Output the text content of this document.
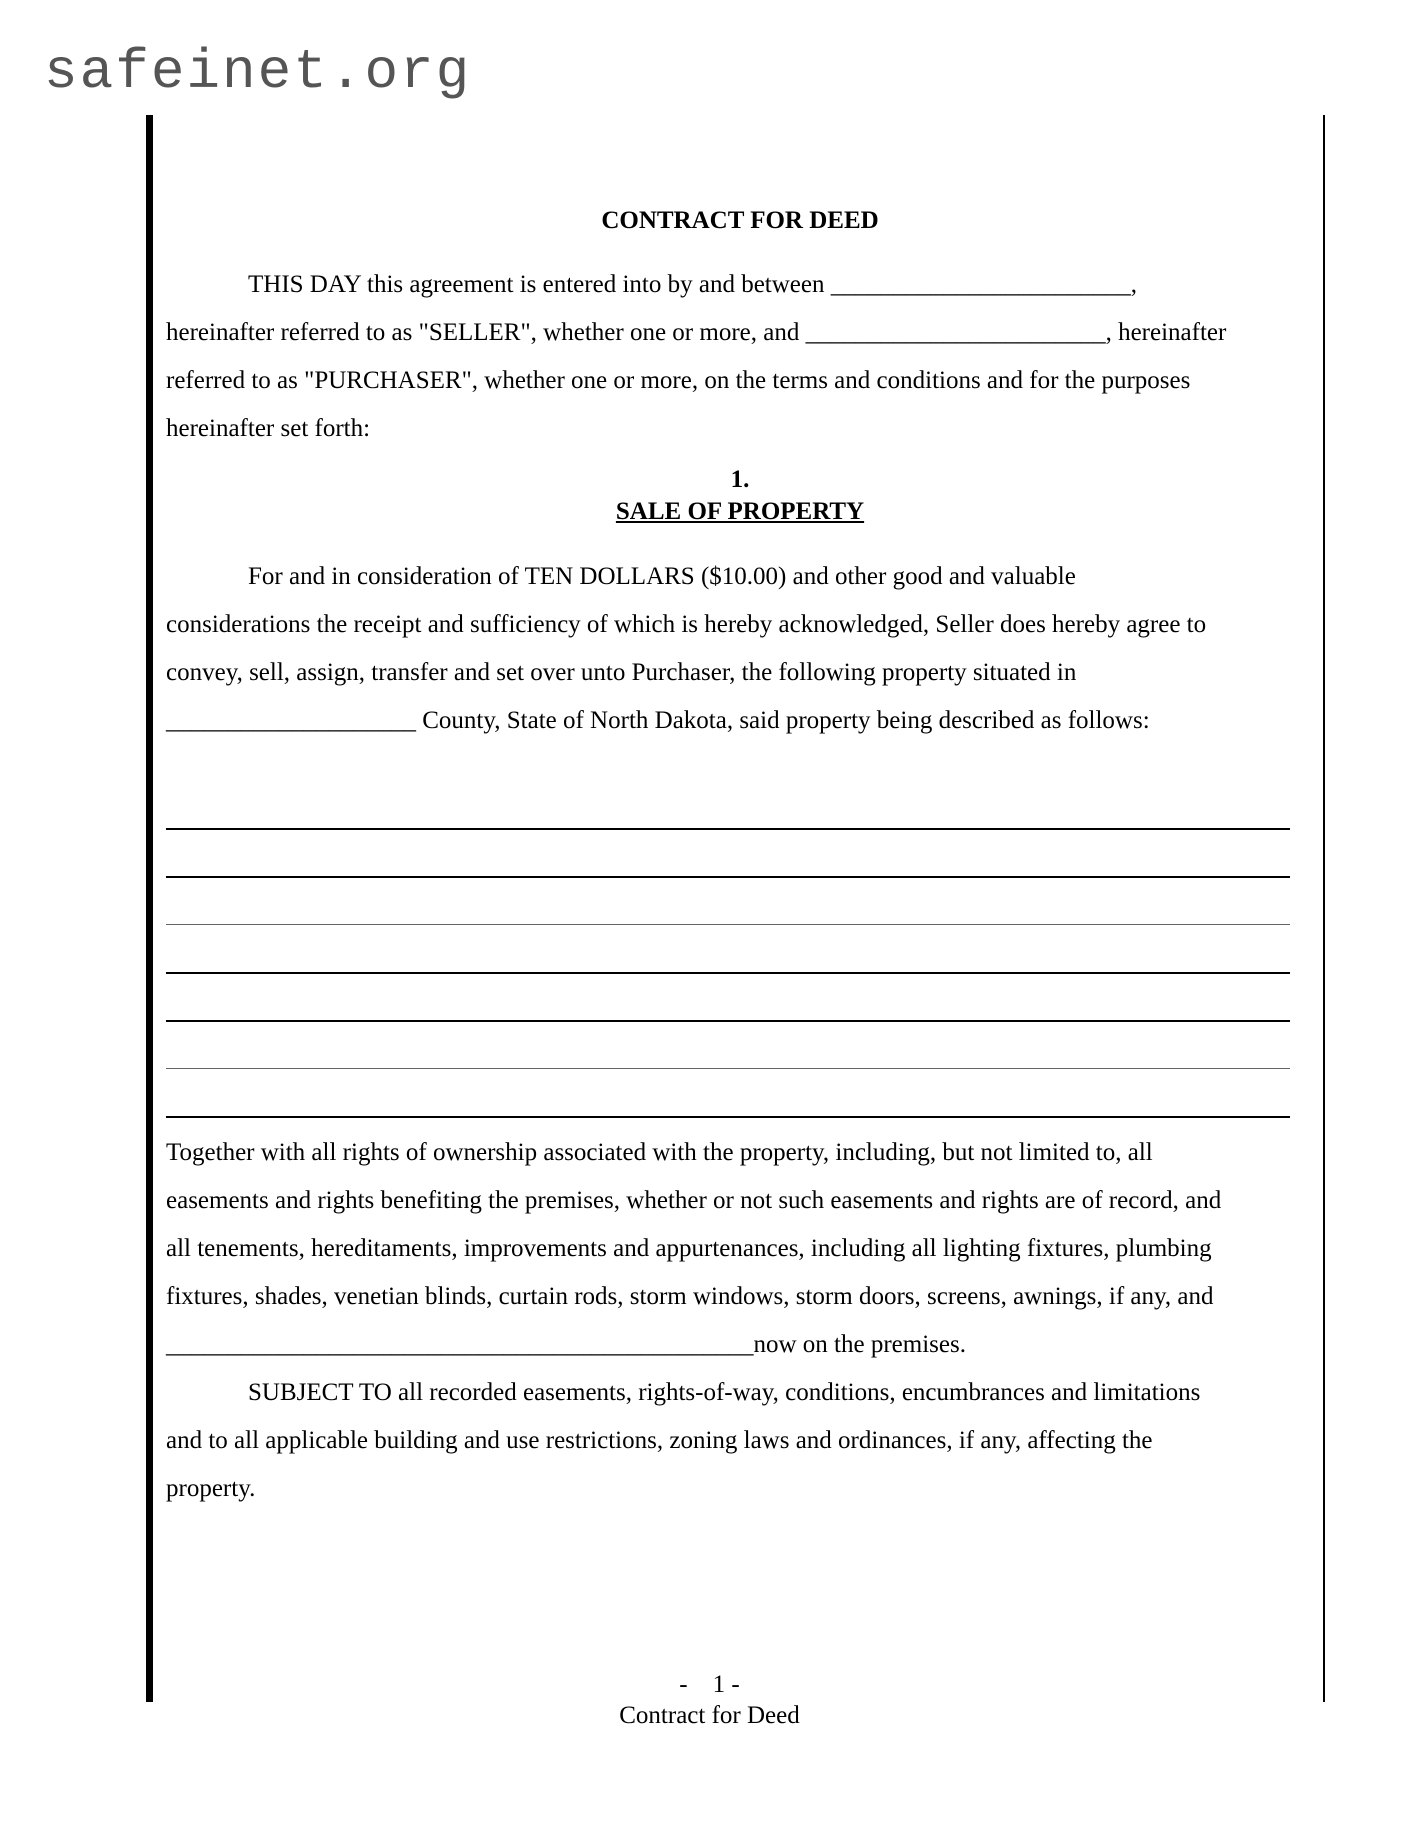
safeinet.org
CONTRACT FOR DEED
THIS DAY this agreement is entered into by and between ________________________,
hereinafter referred to as "SELLER", whether one or more, and ________________________, hereinafter
referred to as "PURCHASER", whether one or more, on the terms and conditions and for the purposes
hereinafter set forth:
1.
SALE OF PROPERTY
For and in consideration of TEN DOLLARS ($10.00) and other good and valuable
considerations the receipt and sufficiency of which is hereby acknowledged, Seller does hereby agree to
convey, sell, assign, transfer and set over unto Purchaser, the following property situated in
____________________ County, State of North Dakota, said property being described as follows:
Together with all rights of ownership associated with the property, including, but not limited to, all
easements and rights benefiting the premises, whether or not such easements and rights are of record, and
all tenements, hereditaments, improvements and appurtenances, including all lighting fixtures, plumbing
fixtures, shades, venetian blinds, curtain rods, storm windows, storm doors, screens, awnings, if any, and
_______________________________________________now on the premises.
SUBJECT TO all recorded easements, rights-of-way, conditions, encumbrances and limitations
and to all applicable building and use restrictions, zoning laws and ordinances, if any, affecting the
property.
-    1 -
Contract for Deed
